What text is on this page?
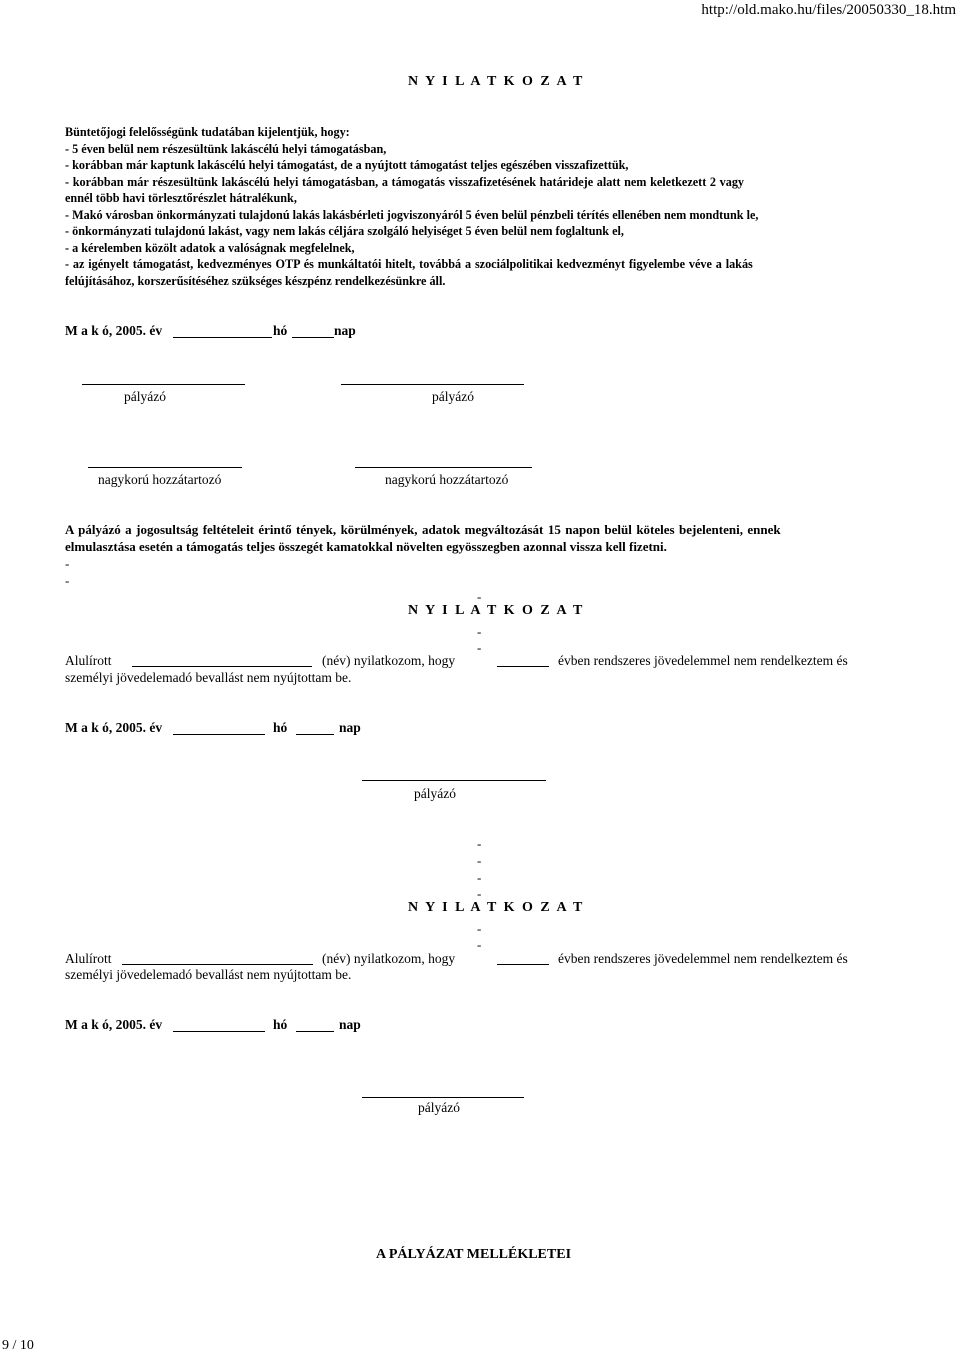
http://old.mako.hu/files/20050330_18.htm
N Y I L A T K O Z A T
Büntetőjogi felelősségünk tudatában kijelentjük, hogy:
- 5 éven belül nem részesültünk lakáscélú helyi támogatásban,
- korábban már kaptunk lakáscélú helyi támogatást, de a nyújtott támogatást teljes egészében visszafizettük,
- korábban már részesültünk lakáscélú helyi támogatásban, a támogatás visszafizetésének határideje alatt nem keletkezett 2 vagy
ennél több havi törlesztőrészlet hátralékunk,
- Makó városban önkormányzati tulajdonú lakás lakásbérleti jogviszonyáról 5 éven belül pénzbeli térítés ellenében nem mondtunk le,
- önkormányzati tulajdonú lakást, vagy nem lakás céljára szolgáló helyiséget 5 éven belül nem foglaltunk el,
- a kérelemben közölt adatok a valóságnak megfelelnek,
- az igényelt támogatást, kedvezményes OTP és munkáltatói hitelt, továbbá a szociálpolitikai kedvezményt figyelembe véve a lakás
felújításához, korszerűsítéséhez szükséges készpénz rendelkezésünkre áll.
M a k ó, 2005. év	hó	nap
pályázó	pályázó
nagykorú hozzátartozó	nagykorú hozzátartozó
A pályázó a jogosultság feltételeit érintő tények, körülmények, adatok megváltozását 15 napon belül köteles bejelenteni, ennek
elmulasztása esetén a támogatás teljes összegét kamatokkal növelten egyösszegben azonnal vissza kell fizetni.
-
-
-
N Y I L A T K O Z A T
-
-
Alulírott	(név) nyilatkozom, hogy	évben rendszeres jövedelemmel nem rendelkeztem és
személyi jövedelemadó bevallást nem nyújtottam be.
M a k ó, 2005. év	hó	nap
pályázó
-
-
-
-
N Y I L A T K O Z A T
-
-
Alulírott	(név) nyilatkozom, hogy	évben rendszeres jövedelemmel nem rendelkeztem és
személyi jövedelemadó bevallást nem nyújtottam be.
M a k ó, 2005. év	hó	nap
pályázó
A PÁLYÁZAT MELLÉKLETEI
9 / 10
